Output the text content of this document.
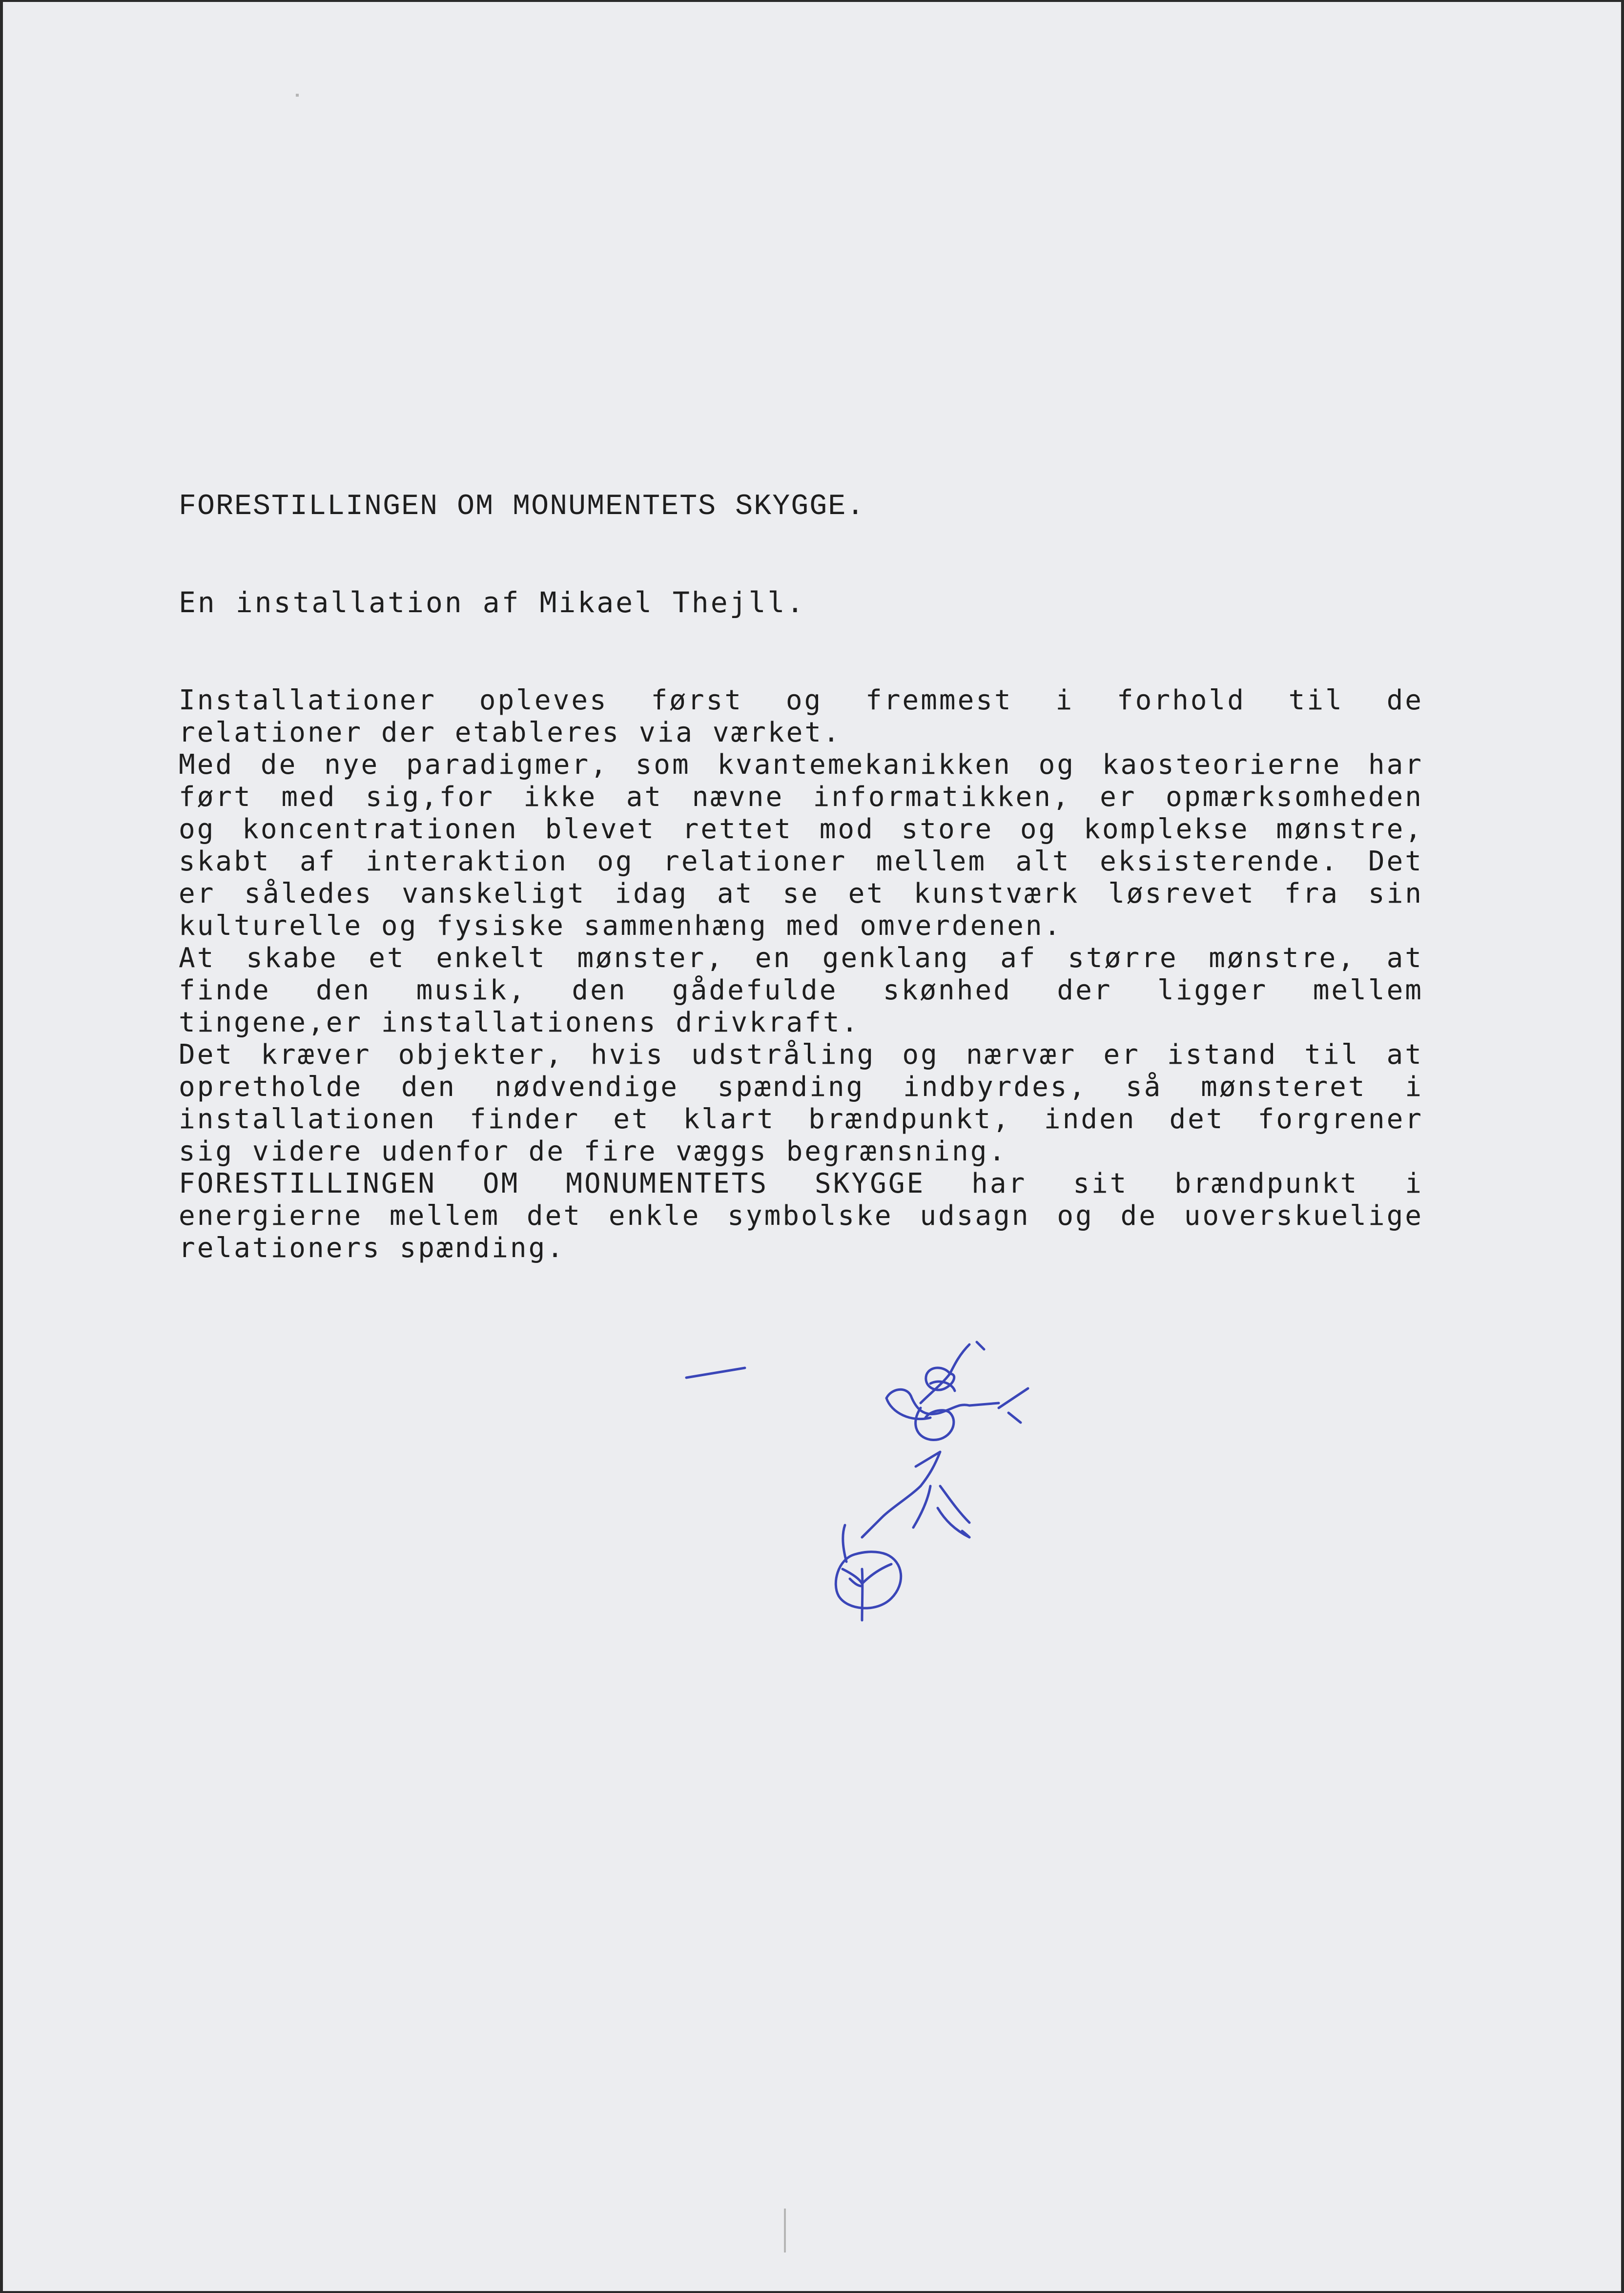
FORESTILLINGEN OM MONUMENTETS SKYGGE.
En installation af Mikael Thejll.
Installationer opleves først og fremmest i forhold til de
relationer der etableres via værket.
Med de nye paradigmer, som kvantemekanikken og kaosteorierne har
ført med sig,for ikke at nævne informatikken, er opmærksomheden
og koncentrationen blevet rettet mod store og komplekse mønstre,
skabt af interaktion og relationer mellem alt eksisterende. Det
er således vanskeligt idag at se et kunstværk løsrevet fra sin
kulturelle og fysiske sammenhæng med omverdenen.
At skabe et enkelt mønster, en genklang af større mønstre, at
finde den musik, den gådefulde skønhed der ligger mellem
tingene,er installationens drivkraft.
Det kræver objekter, hvis udstråling og nærvær er istand til at
opretholde den nødvendige spænding indbyrdes, så mønsteret i
installationen finder et klart brændpunkt, inden det forgrener
sig videre udenfor de fire væggs begrænsning.
FORESTILLINGEN OM MONUMENTETS SKYGGE har sit brændpunkt i
energierne mellem det enkle symbolske udsagn og de uoverskuelige
relationers spænding.
